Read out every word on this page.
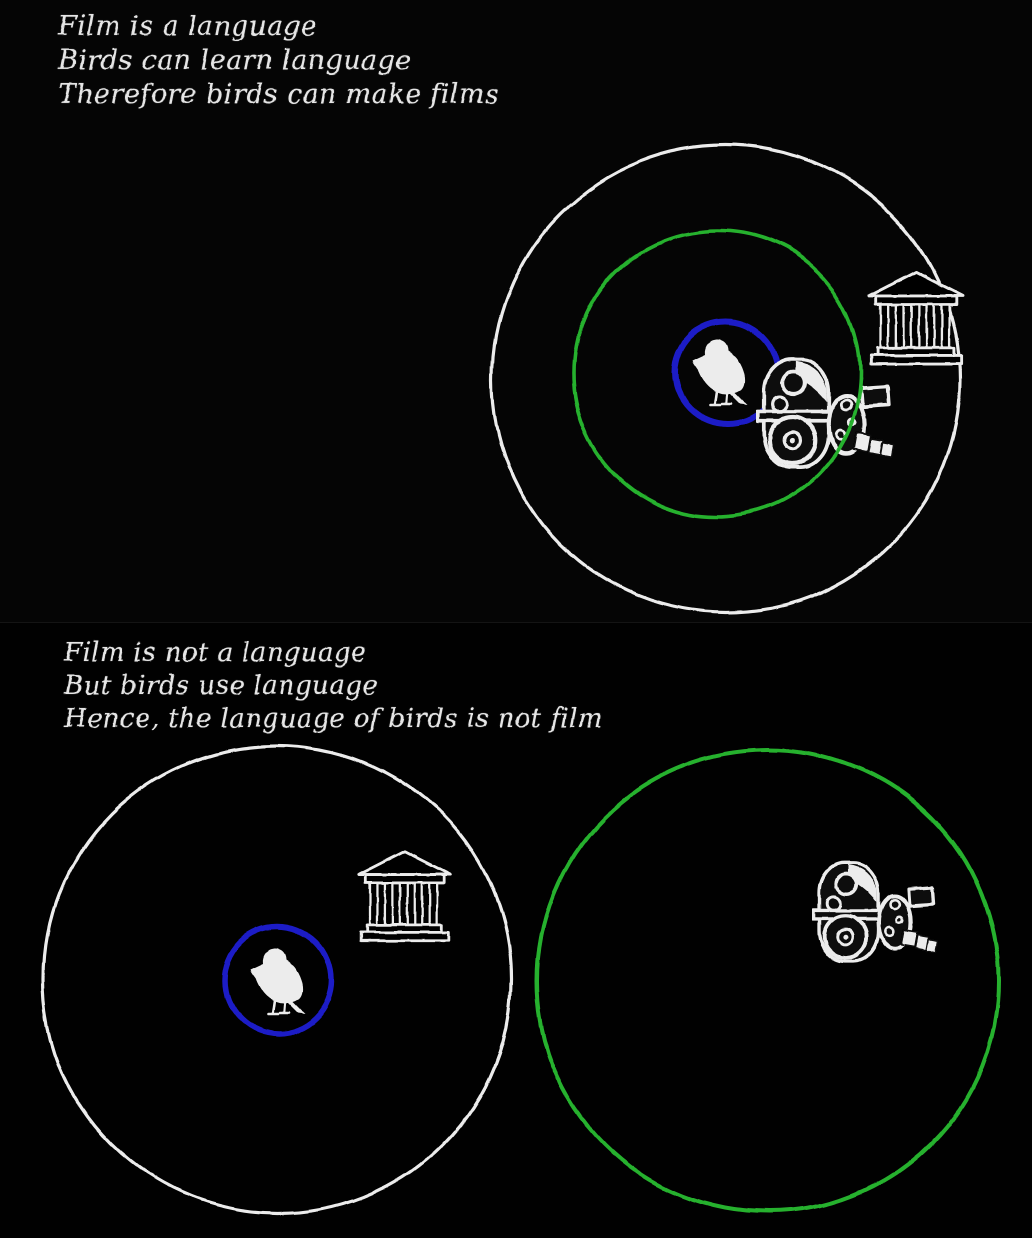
Film is a language
Birds can learn language
Therefore birds can make films
Film is not a language
But birds use language
Hence, the language of birds is not film
